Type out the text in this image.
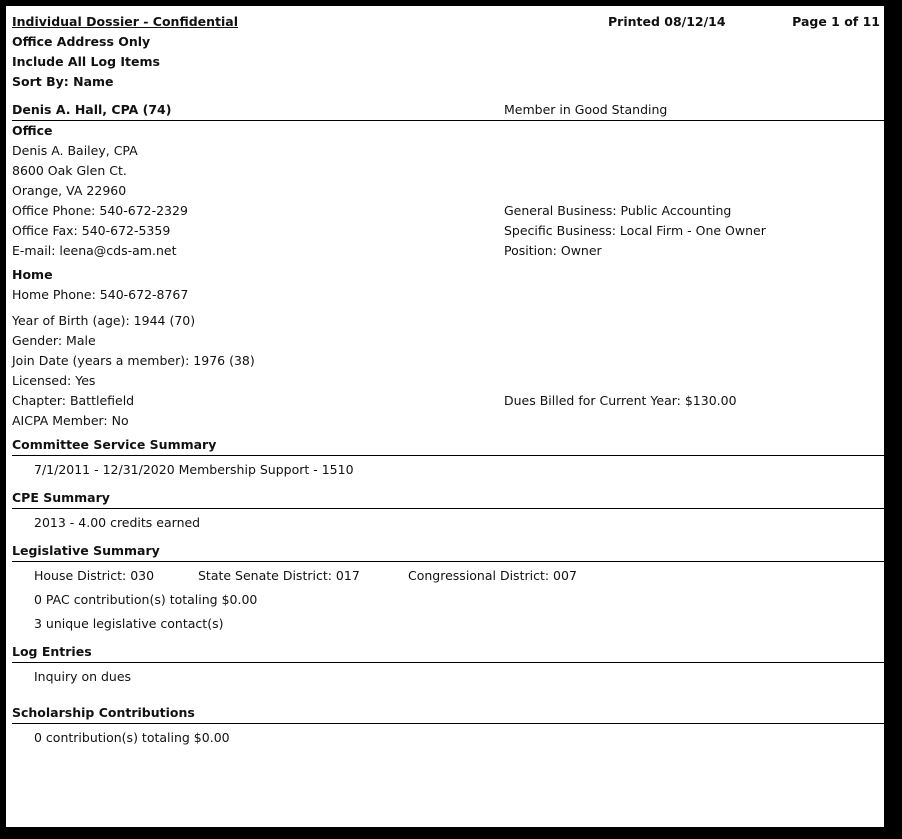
Individual Dossier - Confidential	Printed 08/12/14	Page 1 of 11
Office Address Only
Include All Log Items
Sort By: Name
Denis A. Hall, CPA (74)	Member in Good Standing
Office
Denis A. Bailey, CPA
8600 Oak Glen Ct.
Orange, VA 22960
Office Phone: 540-672-2329	General Business: Public Accounting
Office Fax: 540-672-5359	Specific Business: Local Firm - One Owner
E-mail: leena@cds-am.net	Position: Owner
Home
Home Phone: 540-672-8767
Year of Birth (age): 1944 (70)
Gender: Male
Join Date (years a member): 1976 (38)
Licensed: Yes
Chapter: Battlefield	Dues Billed for Current Year: $130.00
AICPA Member: No
Committee Service Summary
7/1/2011 - 12/31/2020 Membership Support - 1510
CPE Summary
2013 - 4.00 credits earned
Legislative Summary
House District: 030	State Senate District: 017	Congressional District: 007
0 PAC contribution(s) totaling $0.00
3 unique legislative contact(s)
Log Entries
Inquiry on dues
Scholarship Contributions
0 contribution(s) totaling $0.00
